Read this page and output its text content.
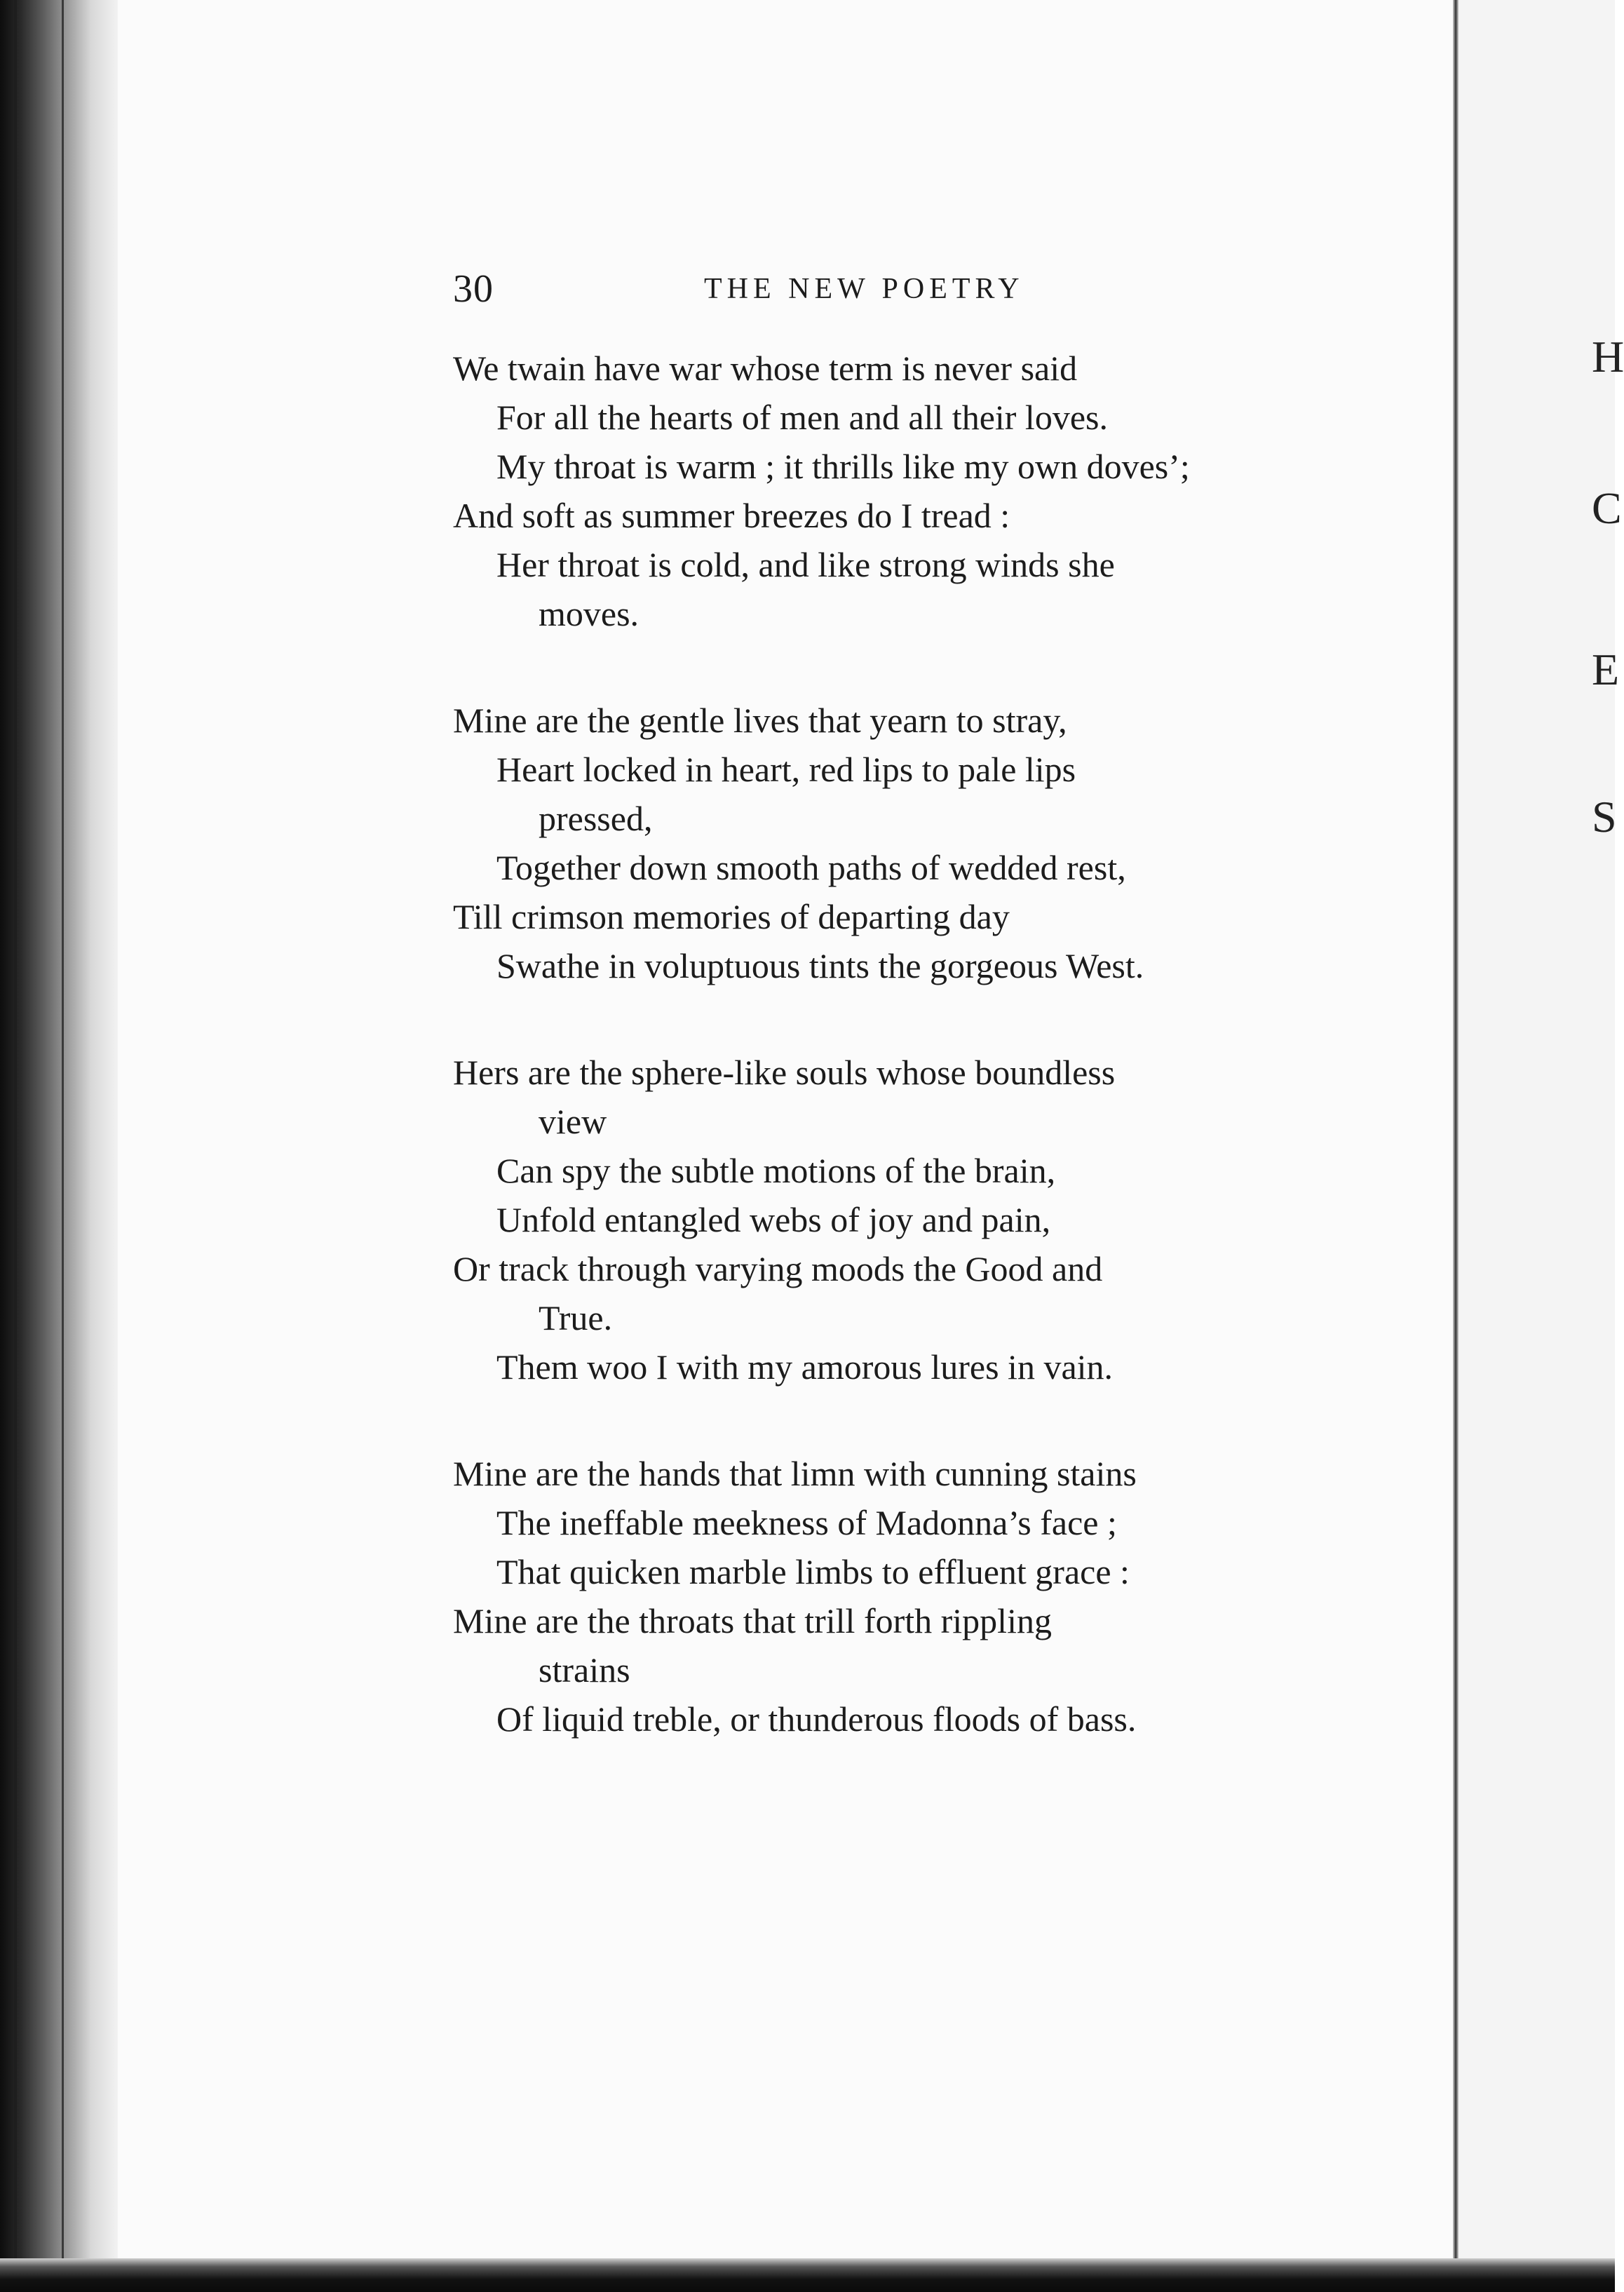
H
C
E
S
30	THE NEW POETRY
We twain have war whose term is never said
For all the hearts of men and all their loves.
My throat is warm ; it thrills like my own doves’;
And soft as summer breezes do I tread :
Her throat is cold, and like strong winds she
moves.
Mine are the gentle lives that yearn to stray,
Heart locked in heart, red lips to pale lips
pressed,
Together down smooth paths of wedded rest,
Till crimson memories of departing day
Swathe in voluptuous tints the gorgeous West.
Hers are the sphere-like souls whose boundless
view
Can spy the subtle motions of the brain,
Unfold entangled webs of joy and pain,
Or track through varying moods the Good and
True.
Them woo I with my amorous lures in vain.
Mine are the hands that limn with cunning stains
The ineffable meekness of Madonna’s face ;
That quicken marble limbs to effluent grace :
Mine are the throats that trill forth rippling
strains
Of liquid treble, or thunderous floods of bass.
